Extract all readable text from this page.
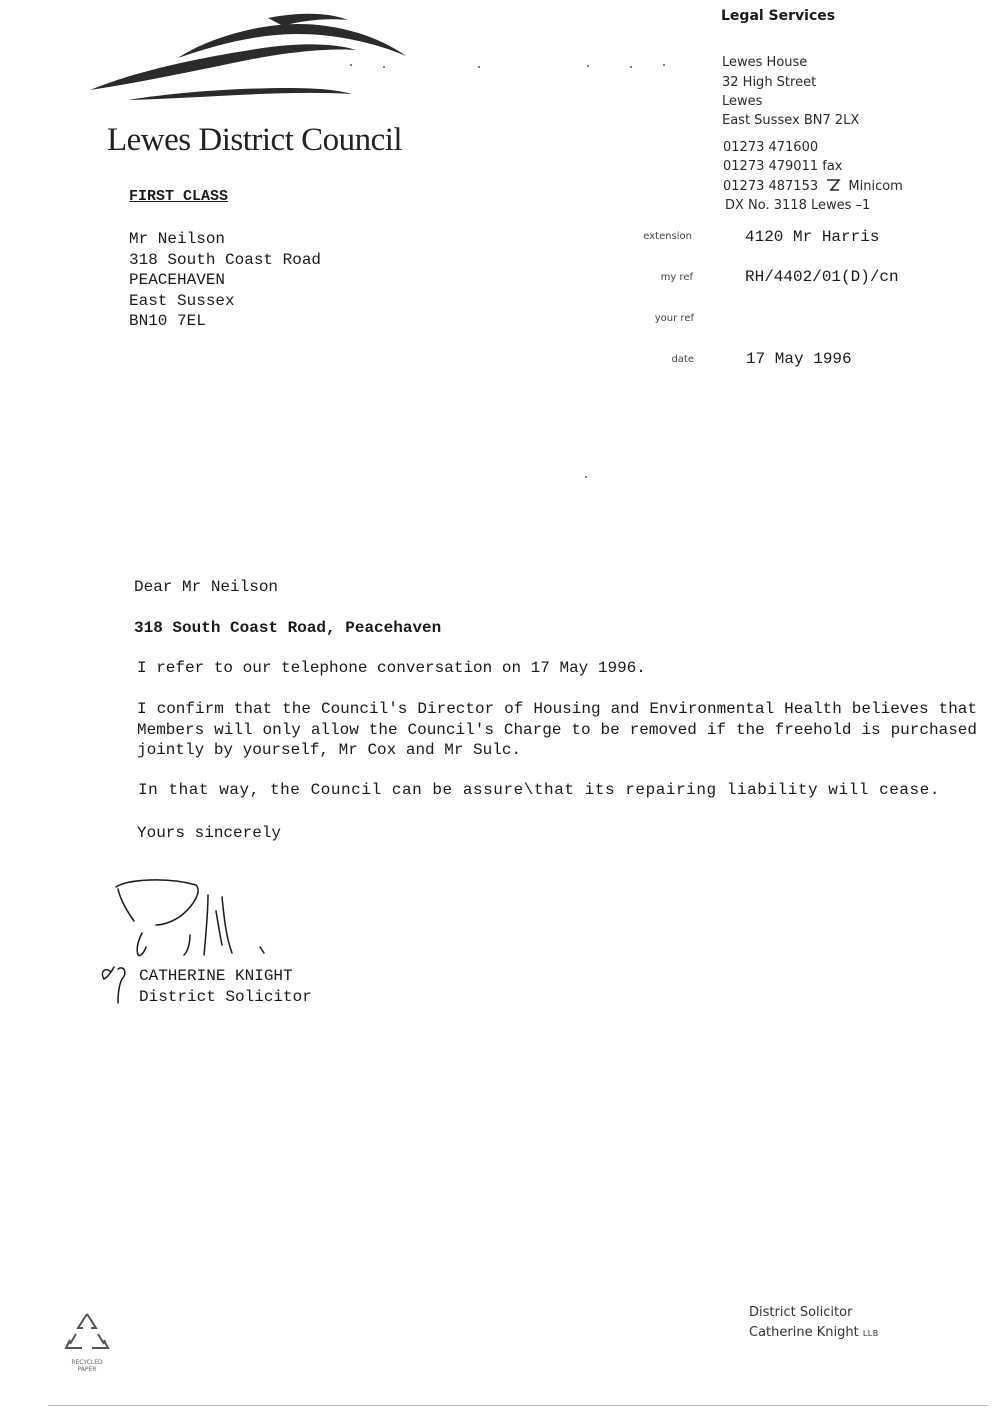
Lewes District Council
Legal Services
Lewes House
32 High Street
Lewes
East Sussex BN7 2LX
01273 471600
01273 479011 fax
01273 487153 Minicom
DX No. 3118 Lewes –1
FIRST CLASS
Mr Neilson
318 South Coast Road
PEACEHAVEN
East Sussex
BN10 7EL
extension	4120 Mr Harris
my ref	RH/4402/01(D)/cn
your ref
date	17 May 1996
Dear Mr Neilson
318 South Coast Road, Peacehaven
I refer to our telephone conversation on 17 May 1996.
I confirm that the Council's Director of Housing and Environmental Health believes that Members will only allow the Council's Charge to be removed if the freehold is purchased jointly by yourself, Mr Cox and Mr Sulc.
In that way, the Council can be assure\that its repairing liability will cease.
Yours sincerely
CATHERINE KNIGHT
District Solicitor
RECYCLED PAPER
District Solicitor
Catherine Knight LLB
